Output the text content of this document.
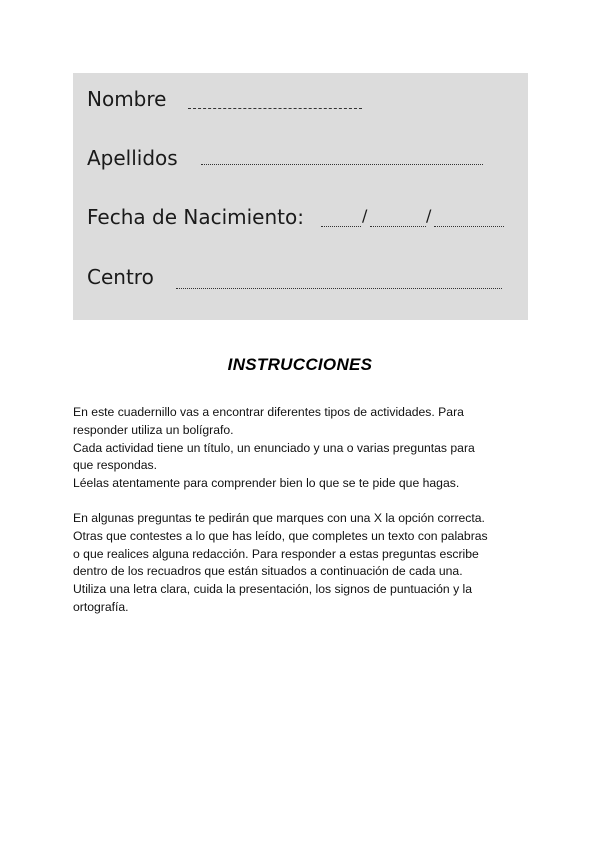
Nombre
Apellidos
Fecha de Nacimiento:	/	/
Centro
INSTRUCCIONES
En este cuadernillo vas a encontrar diferentes tipos de actividades. Para
responder utiliza un bolígrafo.
Cada actividad tiene un título, un enunciado y una o varias preguntas para
que respondas.
Léelas atentamente para comprender bien lo que se te pide que hagas.
En algunas preguntas te pedirán que marques con una X la opción correcta.
Otras que contestes a lo que has leído, que completes un texto con palabras
o que realices alguna redacción. Para responder a estas preguntas escribe
dentro de los recuadros que están situados a continuación de cada una.
Utiliza una letra clara, cuida la presentación, los signos de puntuación y la
ortografía.
